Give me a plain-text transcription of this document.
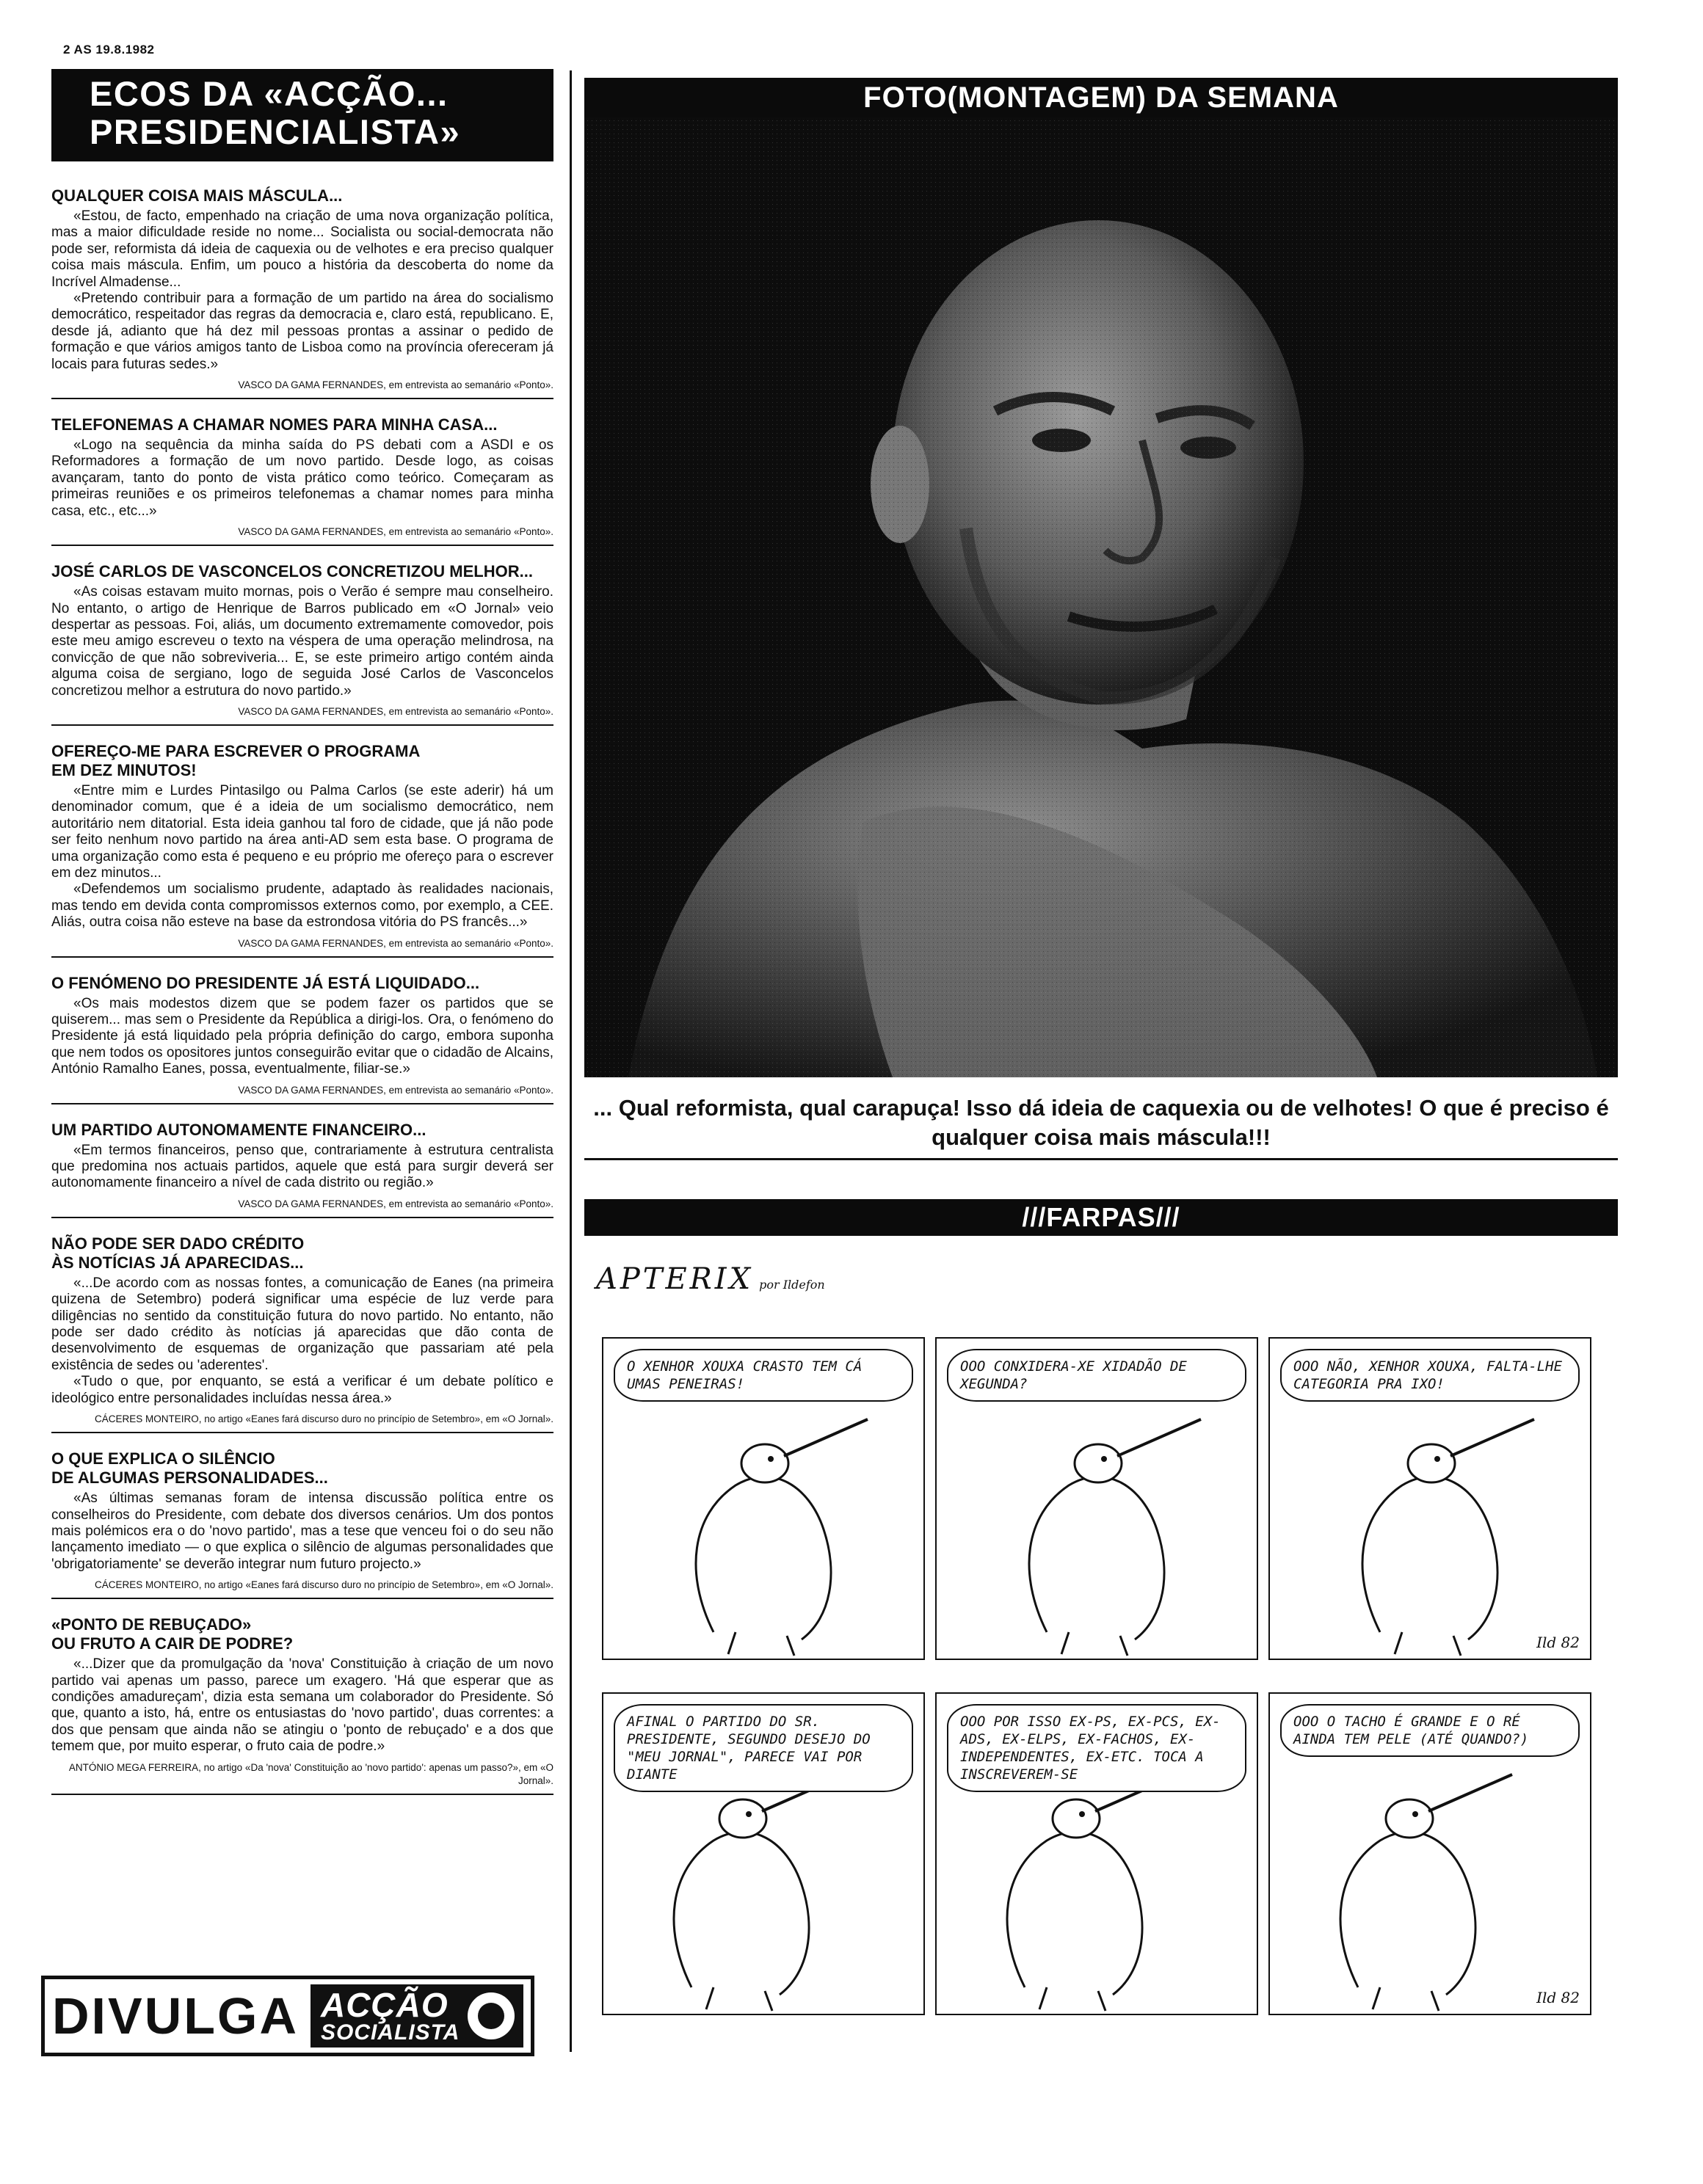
2 AS 19.8.1982
ECOS DA «ACÇÃO...
PRESIDENCIALISTA»
QUALQUER COISA MAIS MÁSCULA...

«Estou, de facto, empenhado na criação de uma nova organização política, mas a maior dificuldade reside no nome... Socialista ou social-democrata não pode ser, reformista dá ideia de caquexia ou de velhotes e era preciso qualquer coisa mais máscula. Enfim, um pouco a história da descoberta do nome da Incrível Almadense...

«Pretendo contribuir para a formação de um partido na área do socialismo democrático, respeitador das regras da democracia e, claro está, republicano. E, desde já, adianto que há dez mil pessoas prontas a assinar o pedido de formação e que vários amigos tanto de Lisboa como na província ofereceram já locais para futuras sedes.»

VASCO DA GAMA FERNANDES, em entrevista ao semanário «Ponto».
TELEFONEMAS A CHAMAR NOMES PARA MINHA CASA...

«Logo na sequência da minha saída do PS debati com a ASDI e os Reformadores a formação de um novo partido. Desde logo, as coisas avançaram, tanto do ponto de vista prático como teórico. Começaram as primeiras reuniões e os primeiros telefonemas a chamar nomes para minha casa, etc., etc...»

VASCO DA GAMA FERNANDES, em entrevista ao semanário «Ponto».
JOSÉ CARLOS DE VASCONCELOS CONCRETIZOU MELHOR...

«As coisas estavam muito mornas, pois o Verão é sempre mau conselheiro. No entanto, o artigo de Henrique de Barros publicado em «O Jornal» veio despertar as pessoas. Foi, aliás, um documento extremamente comovedor, pois este meu amigo escreveu o texto na véspera de uma operação melindrosa, na convicção de que não sobreviveria... E, se este primeiro artigo contém ainda alguma coisa de sergiano, logo de seguida José Carlos de Vasconcelos concretizou melhor a estrutura do novo partido.»

VASCO DA GAMA FERNANDES, em entrevista ao semanário «Ponto».
OFEREÇO-ME PARA ESCREVER O PROGRAMA
EM DEZ MINUTOS!

«Entre mim e Lurdes Pintasilgo ou Palma Carlos (se este aderir) há um denominador comum, que é a ideia de um socialismo democrático, nem autoritário nem ditatorial. Esta ideia ganhou tal foro de cidade, que já não pode ser feito nenhum novo partido na área anti-AD sem esta base. O programa de uma organização como esta é pequeno e eu próprio me ofereço para o escrever em dez minutos...

«Defendemos um socialismo prudente, adaptado às realidades nacionais, mas tendo em devida conta compromissos externos como, por exemplo, a CEE. Aliás, outra coisa não esteve na base da estrondosa vitória do PS francês...»

VASCO DA GAMA FERNANDES, em entrevista ao semanário «Ponto».
O FENÓMENO DO PRESIDENTE JÁ ESTÁ LIQUIDADO...

«Os mais modestos dizem que se podem fazer os partidos que se quiserem... mas sem o Presidente da República a dirigi-los. Ora, o fenómeno do Presidente já está liquidado pela própria definição do cargo, embora suponha que nem todos os opositores juntos conseguirão evitar que o cidadão de Alcains, António Ramalho Eanes, possa, eventualmente, filiar-se.»

VASCO DA GAMA FERNANDES, em entrevista ao semanário «Ponto».
UM PARTIDO AUTONOMAMENTE FINANCEIRO...

«Em termos financeiros, penso que, contrariamente à estrutura centralista que predomina nos actuais partidos, aquele que está para surgir deverá ser autonomamente financeiro a nível de cada distrito ou região.»

VASCO DA GAMA FERNANDES, em entrevista ao semanário «Ponto».
NÃO PODE SER DADO CRÉDITO
ÀS NOTÍCIAS JÁ APARECIDAS...

«...De acordo com as nossas fontes, a comunicação de Eanes (na primeira quizena de Setembro) poderá significar uma espécie de luz verde para diligências no sentido da constituição futura do novo partido. No entanto, não pode ser dado crédito às notícias já aparecidas que dão conta de desenvolvimento de esquemas de organização que passariam até pela existência de sedes ou 'aderentes'.

«Tudo o que, por enquanto, se está a verificar é um debate político e ideológico entre personalidades incluídas nessa área.»

CÁCERES MONTEIRO, no artigo «Eanes fará discurso duro no princípio de Setembro», em «O Jornal».
O QUE EXPLICA O SILÊNCIO
DE ALGUMAS PERSONALIDADES...

«As últimas semanas foram de intensa discussão política entre os conselheiros do Presidente, com debate dos diversos cenários. Um dos pontos mais polémicos era o do 'novo partido', mas a tese que venceu foi o do seu não lançamento imediato — o que explica o silêncio de algumas personalidades que 'obrigatoriamente' se deverão integrar num futuro projecto.»

CÁCERES MONTEIRO, no artigo «Eanes fará discurso duro no princípio de Setembro», em «O Jornal».
«PONTO DE REBUÇADO»
OU FRUTO A CAIR DE PODRE?

«...Dizer que da promulgação da 'nova' Constituição à criação de um novo partido vai apenas um passo, parece um exagero. 'Há que esperar que as condições amadureçam', dizia esta semana um colaborador do Presidente. Só que, quanto a isto, há, entre os entusiastas do 'novo partido', duas correntes: a dos que pensam que ainda não se atingiu o 'ponto de rebuçado' e a dos que temem que, por muito esperar, o fruto caia de podre.»

ANTÓNIO MEGA FERREIRA, no artigo «Da 'nova' Constituição ao 'novo partido': apenas um passo?», em «O Jornal».
DIVULGA ACÇÃO
SOCIALISTA
FOTO(MONTAGEM) DA SEMANA
... Qual reformista, qual carapuça! Isso dá ideia de caquexia ou de velhotes! O que é preciso é qualquer coisa mais máscula!!!
///FARPAS///
APTERIX por Ildefon
O XENHOR XOUXA CRASTO TEM CÁ UMAS PENEIRAS!
OOO CONXIDERA-XE XIDADÃO DE XEGUNDA?
OOO NÃO, XENHOR XOUXA, FALTA-LHE CATEGORIA PRA IXO!
Ild 82
AFINAL O PARTIDO DO SR. PRESIDENTE, SEGUNDO DESEJO DO "MEU JORNAL", PARECE VAI POR DIANTE
OOO POR ISSO EX-PS, EX-PCS, EX-ADS, EX-ELPS, EX-FACHOS, EX-INDEPENDENTES, EX-ETC. TOCA A INSCREVEREM-SE
OOO O TACHO É GRANDE E O RÉ AINDA TEM PELE (ATÉ QUANDO?)
Ild 82
